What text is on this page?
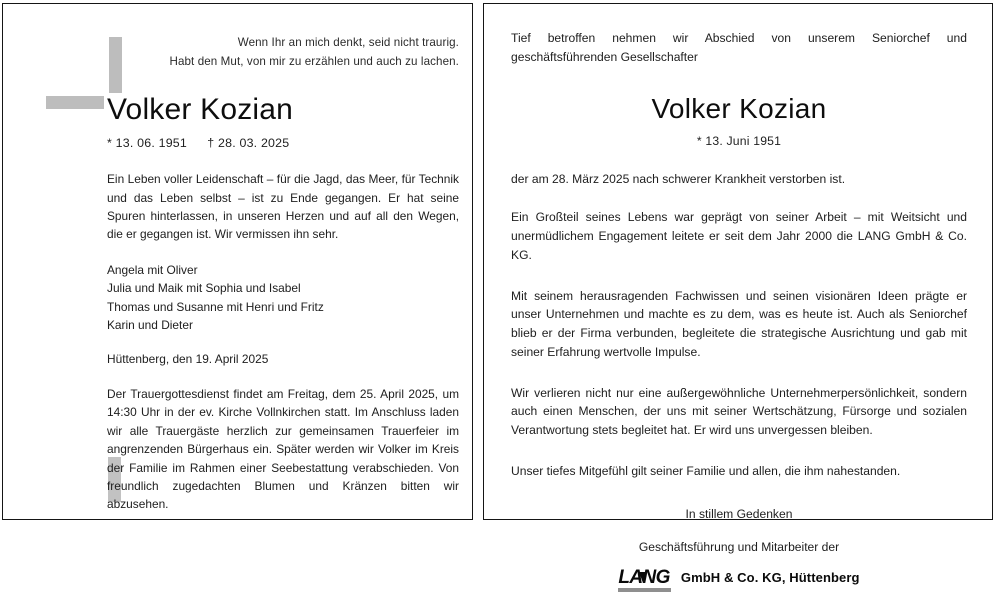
Wenn Ihr an mich denkt, seid nicht traurig.
Habt den Mut, von mir zu erzählen und auch zu lachen.
Volker Kozian
* 13. 06. 1951 † 28. 03. 2025

Ein Leben voller Leidenschaft – für die Jagd, das Meer, für Technik und das Leben selbst – ist zu Ende gegangen. Er hat seine Spuren hinterlassen, in unseren Herzen und auf all den Wegen, die er gegangen ist. Wir vermissen ihn sehr.

Angela mit Oliver
Julia und Maik mit Sophia und Isabel
Thomas und Susanne mit Henri und Fritz
Karin und Dieter
Hüttenberg, den 19. April 2025

Der Trauergottesdienst findet am Freitag, dem 25. April 2025, um 14:30 Uhr in der ev. Kirche Vollnkirchen statt. Im Anschluss laden wir alle Trauergäste herzlich zur gemeinsamen Trauerfeier im angrenzenden Bürgerhaus ein. Später werden wir Volker im Kreis der Familie im Rahmen einer Seebestattung verabschieden. Von freundlich zugedachten Blumen und Kränzen bitten wir abzusehen.

Tief betroffen nehmen wir Abschied von unserem Seniorchef und geschäftsführenden Gesellschafter

Volker Kozian
* 13. Juni 1951
der am 28. März 2025 nach schwerer Krankheit verstorben ist.

Ein Großteil seines Lebens war geprägt von seiner Arbeit – mit Weitsicht und unermüdlichem Engagement leitete er seit dem Jahr 2000 die LANG GmbH & Co. KG.

Mit seinem herausragenden Fachwissen und seinen visionären Ideen prägte er unser Unternehmen und machte es zu dem, was es heute ist. Auch als Seniorchef blieb er der Firma verbunden, begleitete die strategische Ausrichtung und gab mit seiner Erfahrung wertvolle Impulse.

Wir verlieren nicht nur eine außergewöhnliche Unternehmerpersönlichkeit, sondern auch einen Menschen, der uns mit seiner Wertschätzung, Fürsorge und sozialen Verantwortung stets begleitet hat. Er wird uns unvergessen bleiben.

Unser tiefes Mitgefühl gilt seiner Familie und allen, die ihm nahestanden.

In stillem Gedenken
Geschäftsführung und Mitarbeiter der
LANG GmbH & Co. KG, Hüttenberg
